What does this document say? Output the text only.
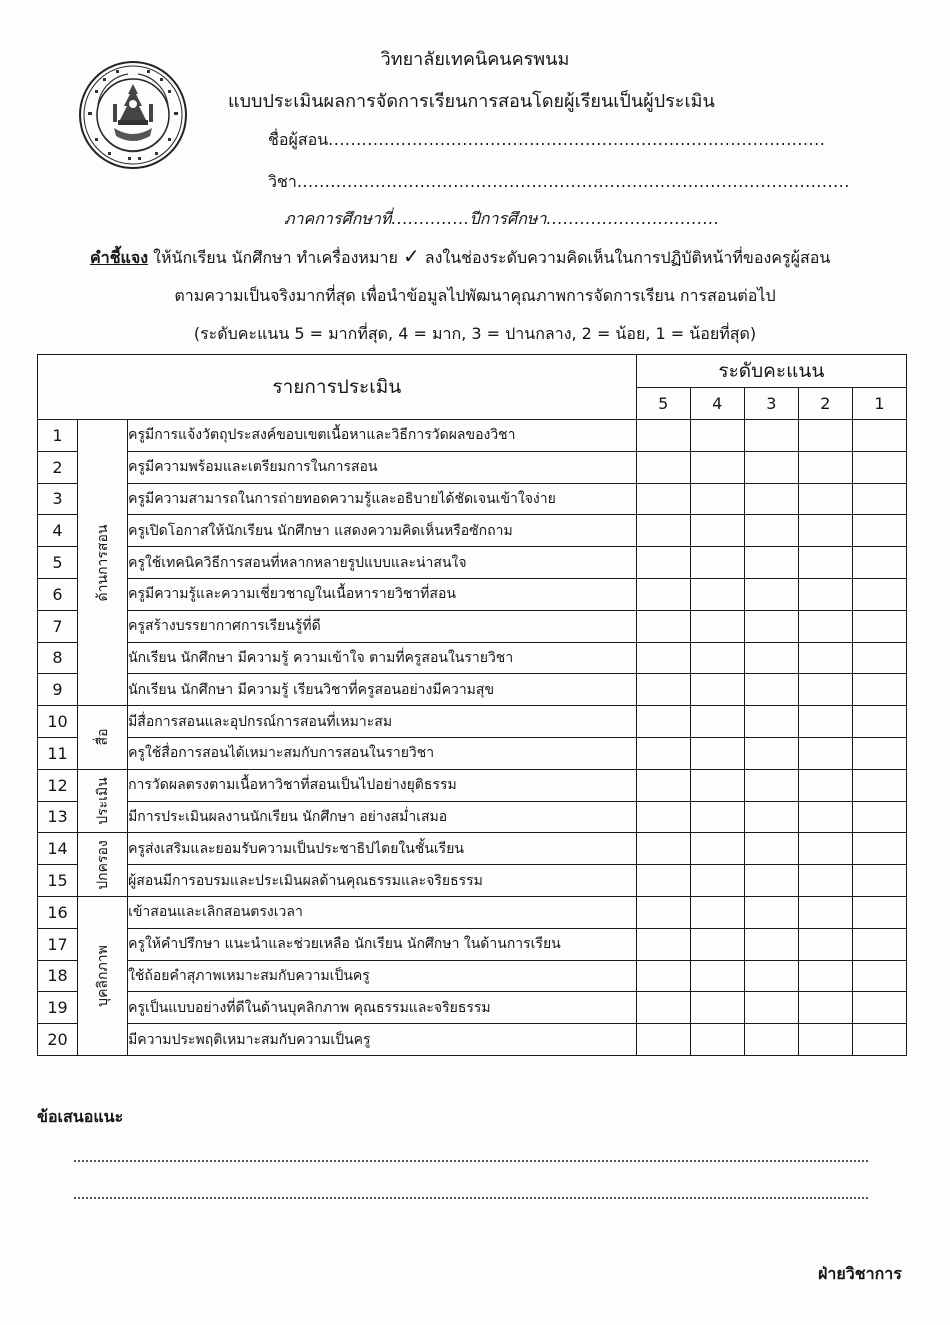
วิทยาลัยเทคนิคนครพนม
แบบประเมินผลการจัดการเรียนการสอนโดยผู้เรียนเป็นผู้ประเมิน
ชื่อผู้สอน.........................................................................................
วิชา...................................................................................................
ภาคการศึกษาที่..............ปีการศึกษา...............................
คำชี้แจง ให้นักเรียน นักศึกษา ทำเครื่องหมาย ✓ ลงในช่องระดับความคิดเห็นในการปฏิบัติหน้าที่ของครูผู้สอน
ตามความเป็นจริงมากที่สุด เพื่อนำข้อมูลไปพัฒนาคุณภาพการจัดการเรียน การสอนต่อไป
(ระดับคะแนน 5 = มากที่สุด, 4 = มาก, 3 = ปานกลาง, 2 = น้อย, 1 = น้อยที่สุด)
รายการประเมิน			ระดับคะแนน				
			5	4	3	2	1
1	ด้านการสอน	ครูมีการแจ้งวัตถุประสงค์ขอบเขตเนื้อหาและวิธีการวัดผลของวิชา					
2		ครูมีความพร้อมและเตรียมการในการสอน					
3		ครูมีความสามารถในการถ่ายทอดความรู้และอธิบายได้ชัดเจนเข้าใจง่าย					
4		ครูเปิดโอกาสให้นักเรียน นักศึกษา แสดงความคิดเห็นหรือซักถาม					
5		ครูใช้เทคนิควิธีการสอนที่หลากหลายรูปแบบและน่าสนใจ					
6		ครูมีความรู้และความเชี่ยวชาญในเนื้อหารายวิชาที่สอน					
7		ครูสร้างบรรยากาศการเรียนรู้ที่ดี					
8		นักเรียน นักศึกษา มีความรู้ ความเข้าใจ ตามที่ครูสอนในรายวิชา					
9		นักเรียน นักศึกษา มีความรู้ เรียนวิชาที่ครูสอนอย่างมีความสุข					
10	สื่อ	มีสื่อการสอนและอุปกรณ์การสอนที่เหมาะสม					
11		ครูใช้สื่อการสอนได้เหมาะสมกับการสอนในรายวิชา					
12	ประเมิน	การวัดผลตรงตามเนื้อหาวิชาที่สอนเป็นไปอย่างยุติธรรม					
13		มีการประเมินผลงานนักเรียน นักศึกษา อย่างสม่ำเสมอ					
14	ปกครอง	ครูส่งเสริมและยอมรับความเป็นประชาธิปไตยในชั้นเรียน					
15		ผู้สอนมีการอบรมและประเมินผลด้านคุณธรรมและจริยธรรม					
16	บุคลิกภาพ	เข้าสอนและเลิกสอนตรงเวลา					
17		ครูให้คำปรึกษา แนะนำและช่วยเหลือ นักเรียน นักศึกษา ในด้านการเรียน					
18		ใช้ถ้อยคำสุภาพเหมาะสมกับความเป็นครู					
19		ครูเป็นแบบอย่างที่ดีในด้านบุคลิกภาพ คุณธรรมและจริยธรรม					
20		มีความประพฤติเหมาะสมกับความเป็นครู					
ข้อเสนอแนะ
ฝ่ายวิชาการ
